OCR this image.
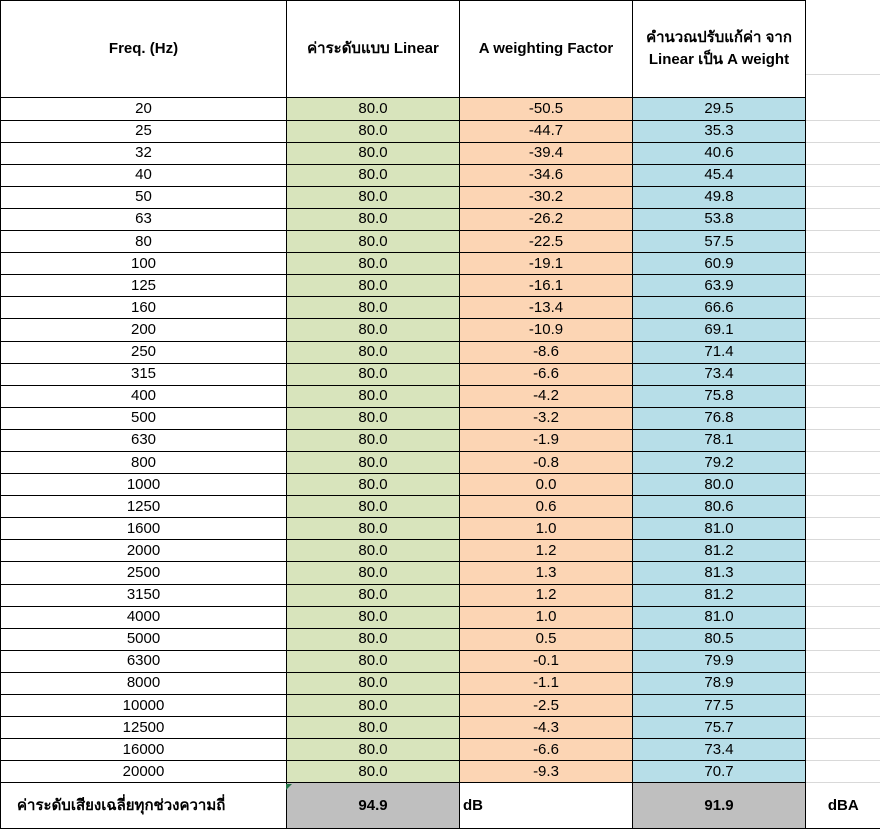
Freq. (Hz)	ค่าระดับแบบ Linear	A weighting Factor	คำนวณปรับแก้ค่า จาก Linear เป็น A weight	
20	80.0	-50.5	29.5	
25	80.0	-44.7	35.3	
32	80.0	-39.4	40.6	
40	80.0	-34.6	45.4	
50	80.0	-30.2	49.8	
63	80.0	-26.2	53.8	
80	80.0	-22.5	57.5	
100	80.0	-19.1	60.9	
125	80.0	-16.1	63.9	
160	80.0	-13.4	66.6	
200	80.0	-10.9	69.1	
250	80.0	-8.6	71.4	
315	80.0	-6.6	73.4	
400	80.0	-4.2	75.8	
500	80.0	-3.2	76.8	
630	80.0	-1.9	78.1	
800	80.0	-0.8	79.2	
1000	80.0	0.0	80.0	
1250	80.0	0.6	80.6	
1600	80.0	1.0	81.0	
2000	80.0	1.2	81.2	
2500	80.0	1.3	81.3	
3150	80.0	1.2	81.2	
4000	80.0	1.0	81.0	
5000	80.0	0.5	80.5	
6300	80.0	-0.1	79.9	
8000	80.0	-1.1	78.9	
10000	80.0	-2.5	77.5	
12500	80.0	-4.3	75.7	
16000	80.0	-6.6	73.4	
20000	80.0	-9.3	70.7	
ค่าระดับเสียงเฉลี่ยทุกช่วงความถี่	94.9	dB	91.9	dBA
